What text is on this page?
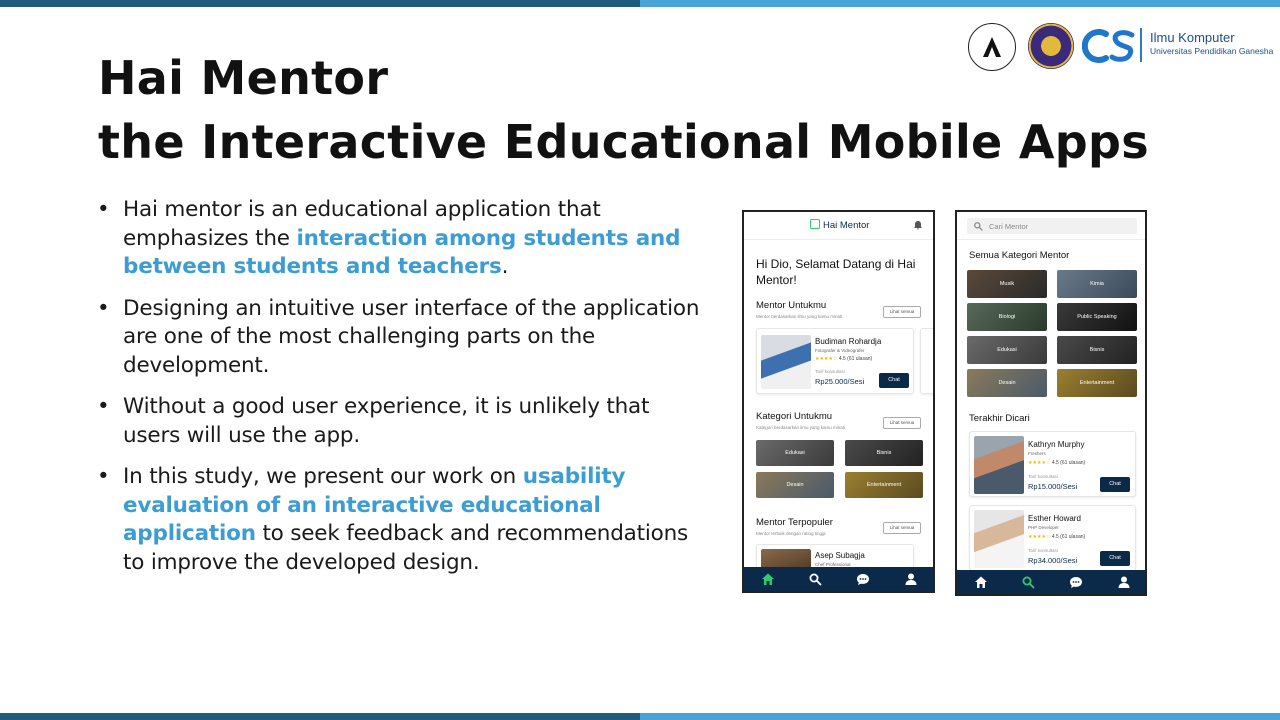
Hai Mentor
the Interactive Educational Mobile Apps
Ilmu Komputer
Universitas Pendidikan Ganesha
• Hai mentor is an educational application that emphasizes the interaction among students and between students and teachers.
• Designing an intuitive user interface of the application are one of the most challenging parts on the development.
• Without a good user experience, it is unlikely that users will use the app.
• In this study, we present our work on usability evaluation of an interactive educational application to seek feedback and recommendations to improve the developed design.
Hai Mentor
Hi Dio, Selamat Datang di Hai Mentor!
Mentor Untukmu
Mentor berdasarkan ilmu yang kamu minati
Lihat semua
Budiman Rohardja
Fotografer & Videografer
★★★★☆ 4.5 (61 ulasan)
Tarif konsultasi
Rp25.000/Sesi	Chat
Kategori Untukmu
Kategori berdasarkan ilmu yang kamu minati
Lihat semua
Edukasi	Bisnis
Desain	Entertainment
Mentor Terpopuler
Mentor terbaik dengan rating tinggi
Lihat semua
Asep Subagja
Chef Professional
Cari Mentor
Semua Kategori Mentor
Musik	Kimia
Biologi	Public Speaking
Edukasi	Bisnis
Desain	Entertainment
Terakhir Dicari
Kathryn Murphy
Freshers
★★★★☆ 4.5 (61 ulasan)
Tarif konsultasi
Rp15.000/Sesi	Chat
Esther Howard
PHP Developer
★★★★☆ 4.5 (61 ulasan)
Tarif konsultasi
Rp34.000/Sesi	Chat
